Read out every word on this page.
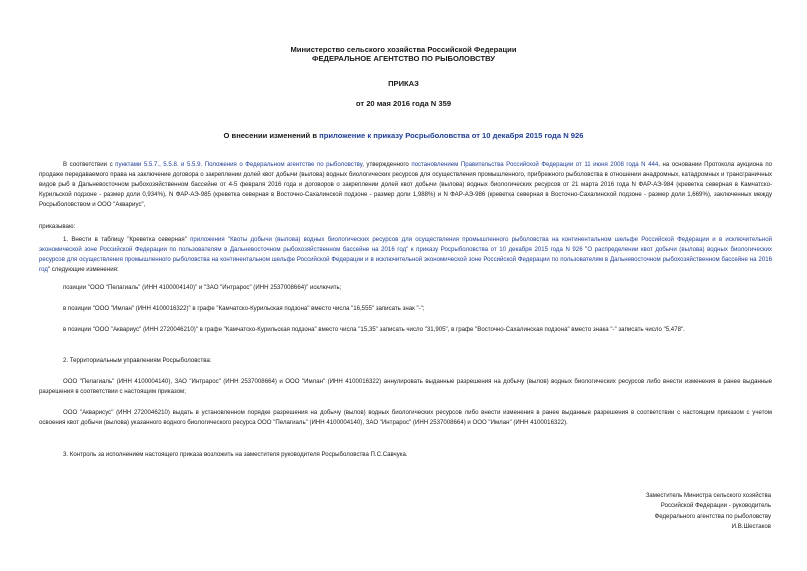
Министерство сельского хозяйства Российской Федерации
ФЕДЕРАЛЬНОЕ АГЕНТСТВО ПО РЫБОЛОВСТВУ
ПРИКАЗ
от 20 мая 2016 года N 359
О внесении изменений в приложение к приказу Росрыболовства от 10 декабря 2015 года N 926
В соответствии с пунктами 5.5.7., 5.5.8. и 5.5.9. Положения о Федеральном агентстве по рыболовству, утвержденного постановлением Правительства Российской Федерации от 11 июня 2008 года N 444, на основании Протокола аукциона по продаже передаваемого права на заключение договора о закреплении долей квот добычи (вылова) водных биологических ресурсов для осуществления промышленного, прибрежного рыболовства в отношении анадромных, катадромных и трансграничных видов рыб в Дальневосточном рыбохозяйственном бассейне от 4-5 февраля 2016 года и договоров о закреплении долей квот добычи (вылова) водных биологических ресурсов от 21 марта 2016 года N ФАР-АЭ-984 (креветка северная в Камчатско-Курильской подзоне - размер доли 0,934%), N ФАР-АЭ-985 (креветка северная в Восточно-Сахалинской подзоне - размер доли 1,988%) и N ФАР-АЭ-986 (креветка северная в Восточно-Сахалинской подзоне - размер доли 1,669%), заключенных между Росрыболовством и ООО "Аквариус",
приказываю:
1. Внести в таблицу "Креветка северная" приложения "Квоты добычи (вылова) водных биологических ресурсов для осуществления промышленного рыболовства на континентальном шельфе Российской Федерации и в исключительной экономической зоне Российской Федерации по пользователям в Дальневосточном рыбохозяйственном бассейне на 2016 год" к приказу Росрыболовства от 10 декабря 2015 года N 926 "О распределении квот добычи (вылова) водных биологических ресурсов для осуществления промышленного рыболовства на континентальном шельфе Российской Федерации и в исключительной экономической зоне Российской Федерации по пользователям в Дальневосточном рыбохозяйственном бассейне на 2016 год" следующие изменения:
позиции "ООО "Пелагиаль" (ИНН 4100004140)" и "ЗАО "Интрарос" (ИНН 2537008664)" исключить;
в позиции "ООО "Имлан" (ИНН 4100016322)" в графе "Камчатско-Курильская подзона" вместо числа "16,555" записать знак "-";
в позиции "ООО "Аквариус" (ИНН 2720046210)" в графе "Камчатско-Курильская подзона" вместо числа "15,35" записать число "31,905", в графе "Восточно-Сахалинская подзона" вместо знака "-" записать число "5,478".
2. Территориальным управлениям Росрыболовства:
ООО "Пелагиаль" (ИНН 4100004140), ЗАО "Интрарос" (ИНН 2537008664) и ООО "Имлан" (ИНН 4100016322) аннулировать выданные разрешения на добычу (вылов) водных биологических ресурсов либо внести изменения в ранее выданные разрешения в соответствии с настоящим приказом;
ООО "Акварисус" (ИНН 2720046210) выдать в установленном порядке разрешения на добычу (вылов) водных биологических ресурсов либо внести изменения в ранее выданные разрешения в соответствии с настоящим приказом с учетом освоения квот добычи (вылова) указанного водного биологического ресурса ООО "Пелагиаль" (ИНН 4100004140), ЗАО "Интрарос" (ИНН 2537008664) и ООО "Имлан" (ИНН 4100016322).
3. Контроль за исполнением настоящего приказа возложить на заместителя руководителя Росрыболовства П.С.Савчука.
Заместитель Министра сельского хозяйства
Российской Федерации - руководитель
Федерального агентства по рыболовству
И.В.Шестаков
